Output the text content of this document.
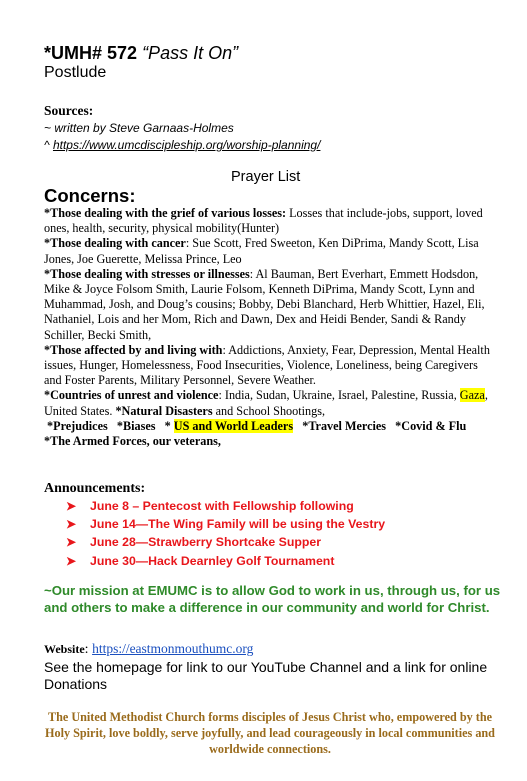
*UMH# 572 “Pass It On”
Postlude
Sources:
~ written by Steve Garnaas-Holmes
^ https://www.umcdiscipleship.org/worship-planning/
Prayer List
Concerns:

*Those dealing with the grief of various losses: Losses that include-jobs, support, loved ones, health, security, physical mobility(Hunter)

*Those dealing with cancer: Sue Scott, Fred Sweeton, Ken DiPrima, Mandy Scott, Lisa Jones, Joe Guerette, Melissa Prince, Leo

*Those dealing with stresses or illnesses: Al Bauman, Bert Everhart, Emmett Hodsdon, Mike & Joyce Folsom Smith, Laurie Folsom, Kenneth DiPrima, Mandy Scott, Lynn and Muhammad, Josh, and Doug’s cousins; Bobby, Debi Blanchard, Herb Whittier, Hazel, Eli, Nathaniel, Lois and her Mom, Rich and Dawn, Dex and Heidi Bender, Sandi & Randy Schiller, Becki Smith,

*Those affected by and living with: Addictions, Anxiety, Fear, Depression, Mental Health issues, Hunger, Homelessness, Food Insecurities, Violence, Loneliness, being Caregivers and Foster Parents, Military Personnel, Severe Weather.

*Countries of unrest and violence: India, Sudan, Ukraine, Israel, Palestine, Russia, Gaza, United States. *Natural Disasters and School Shootings,

*Prejudices   *Biases   * US and World Leaders   *Travel Mercies   *Covid & Flu

*The Armed Forces, our veterans,

Announcements:
➤ June 8 – Pentecost with Fellowship following
➤ June 14—The Wing Family will be using the Vestry
➤ June 28—Strawberry Shortcake Supper
➤ June 30—Hack Dearnley Golf Tournament
~Our mission at EMUMC is to allow God to work in us, through us, for us and others to make a difference in our community and world for Christ.
Website: https://eastmonmouthumc.org
See the homepage for link to our YouTube Channel and a link for online Donations

The United Methodist Church forms disciples of Jesus Christ who, empowered by the Holy Spirit, love boldly, serve joyfully, and lead courageously in local communities and worldwide connections.
